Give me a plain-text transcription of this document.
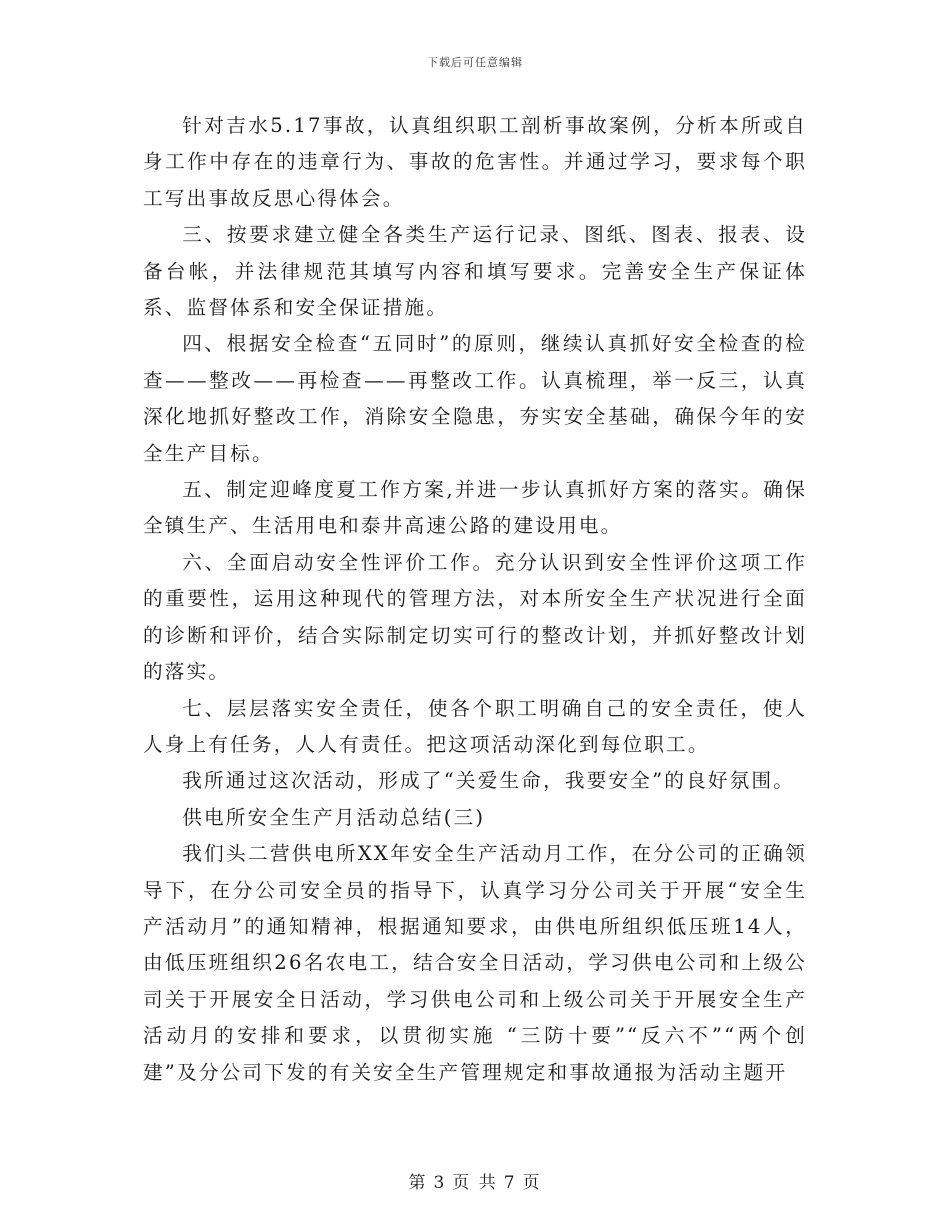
下载后可任意编辑

针对吉水5.17事故，认真组织职工剖析事故案例，分析本所或自身工作中存在的违章行为、事故的危害性。并通过学习，要求每个职工写出事故反思心得体会。

三、按要求建立健全各类生产运行记录、图纸、图表、报表、设备台帐，并法律规范其填写内容和填写要求。完善安全生产保证体系、监督体系和安全保证措施。

四、根据安全检查“五同时”的原则，继续认真抓好安全检查的检查——整改——再检查——再整改工作。认真梳理，举一反三，认真深化地抓好整改工作，消除安全隐患，夯实安全基础，确保今年的安全生产目标。

五、制定迎峰度夏工作方案,并进一步认真抓好方案的落实。确保全镇生产、生活用电和泰井高速公路的建设用电。

六、全面启动安全性评价工作。充分认识到安全性评价这项工作的重要性，运用这种现代的管理方法，对本所安全生产状况进行全面的诊断和评价，结合实际制定切实可行的整改计划，并抓好整改计划的落实。

七、层层落实安全责任，使各个职工明确自己的安全责任，使人人身上有任务，人人有责任。把这项活动深化到每位职工。

我所通过这次活动，形成了“关爱生命，我要安全”的良好氛围。

供电所安全生产月活动总结(三)

我们头二营供电所XX年安全生产活动月工作，在分公司的正确领导下，在分公司安全员的指导下，认真学习分公司关于开展“安全生产活动月”的通知精神，根据通知要求，由供电所组织低压班14人，由低压班组织26名农电工，结合安全日活动，学习供电公司和上级公司关于开展安全日活动，学习供电公司和上级公司关于开展安全生产活动月的安排和要求，以贯彻实施 “三防十要”“反六不”“两个创建”及分公司下发的有关安全生产管理规定和事故通报为活动主题开

第 3 页 共 7 页
